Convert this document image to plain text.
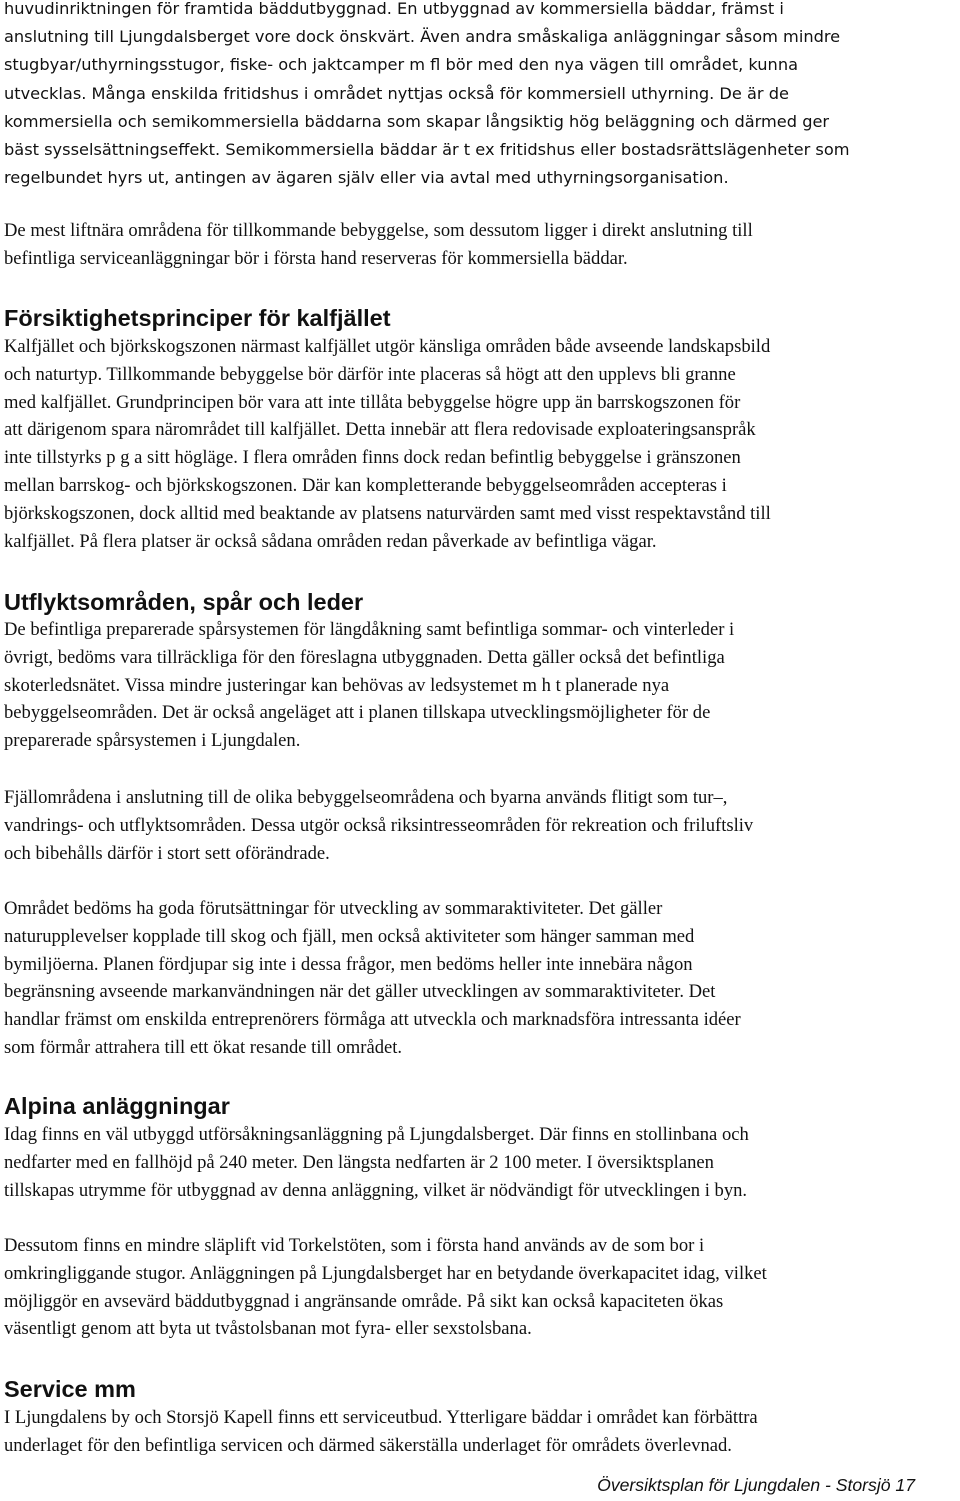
huvudinriktningen för framtida bäddutbyggnad. En utbyggnad av kommersiella bäddar, främst i
anslutning till Ljungdalsberget vore dock önskvärt. Även andra småskaliga anläggningar såsom mindre
stugbyar/uthyrningsstugor, fiske- och jaktcamper m fl bör med den nya vägen till området, kunna
utvecklas. Många enskilda fritidshus i området nyttjas också för kommersiell uthyrning. De är de
kommersiella och semikommersiella bäddarna som skapar långsiktig hög beläggning och därmed ger
bäst sysselsättningseffekt. Semikommersiella bäddar är t ex fritidshus eller bostadsrättslägenheter som
regelbundet hyrs ut, antingen av ägaren själv eller via avtal med uthyrningsorganisation.

De mest liftnära områdena för tillkommande bebyggelse, som dessutom ligger i direkt anslutning till
befintliga serviceanläggningar bör i första hand reserveras för kommersiella bäddar.

Försiktighetsprinciper för kalfjället

Kalfjället och björkskogszonen närmast kalfjället utgör känsliga områden både avseende landskapsbild
och naturtyp. Tillkommande bebyggelse bör därför inte placeras så högt att den upplevs bli granne
med kalfjället. Grundprincipen bör vara att inte tillåta bebyggelse högre upp än barrskogszonen för
att därigenom spara närområdet till kalfjället. Detta innebär att flera redovisade exploateringsanspråk
inte tillstyrks p g a sitt högläge. I flera områden finns dock redan befintlig bebyggelse i gränszonen
mellan barrskog- och björkskogszonen. Där kan kompletterande bebyggelseområden accepteras i
björkskogszonen, dock alltid med beaktande av platsens naturvärden samt med visst respektavstånd till
kalfjället. På flera platser är också sådana områden redan påverkade av befintliga vägar.

Utflyktsområden, spår och leder

De befintliga preparerade spårsystemen för längdåkning samt befintliga sommar- och vinterleder i
övrigt, bedöms vara tillräckliga för den föreslagna utbyggnaden. Detta gäller också det befintliga
skoterledsnätet. Vissa mindre justeringar kan behövas av ledsystemet m h t planerade nya
bebyggelseområden. Det är också angeläget att i planen tillskapa utvecklingsmöjligheter för de
preparerade spårsystemen i Ljungdalen.

Fjällområdena i anslutning till de olika bebyggelseområdena och byarna används flitigt som tur–,
vandrings- och utflyktsområden. Dessa utgör också riksintresseområden för rekreation och friluftsliv
och bibehålls därför i stort sett oförändrade.

Området bedöms ha goda förutsättningar för utveckling av sommaraktiviteter. Det gäller
naturupplevelser kopplade till skog och fjäll, men också aktiviteter som hänger samman med
bymiljöerna. Planen fördjupar sig inte i dessa frågor, men bedöms heller inte innebära någon
begränsning avseende markanvändningen när det gäller utvecklingen av sommaraktiviteter. Det
handlar främst om enskilda entreprenörers förmåga att utveckla och marknadsföra intressanta idéer
som förmår attrahera till ett ökat resande till området.

Alpina anläggningar

Idag finns en väl utbyggd utförsåkningsanläggning på Ljungdalsberget. Där finns en stollinbana och
nedfarter med en fallhöjd på 240 meter. Den längsta nedfarten är 2 100 meter. I översiktsplanen
tillskapas utrymme för utbyggnad av denna anläggning, vilket är nödvändigt för utvecklingen i byn.

Dessutom finns en mindre släplift vid Torkelstöten, som i första hand används av de som bor i
omkringliggande stugor. Anläggningen på Ljungdalsberget har en betydande överkapacitet idag, vilket
möjliggör en avsevärd bäddutbyggnad i angränsande område. På sikt kan också kapaciteten ökas
väsentligt genom att byta ut tvåstolsbanan mot fyra- eller sexstolsbana.

Service mm

I Ljungdalens by och Storsjö Kapell finns ett serviceutbud. Ytterligare bäddar i området kan förbättra
underlaget för den befintliga servicen och därmed säkerställa underlaget för områdets överlevnad.

Översiktsplan för Ljungdalen - Storsjö 17
